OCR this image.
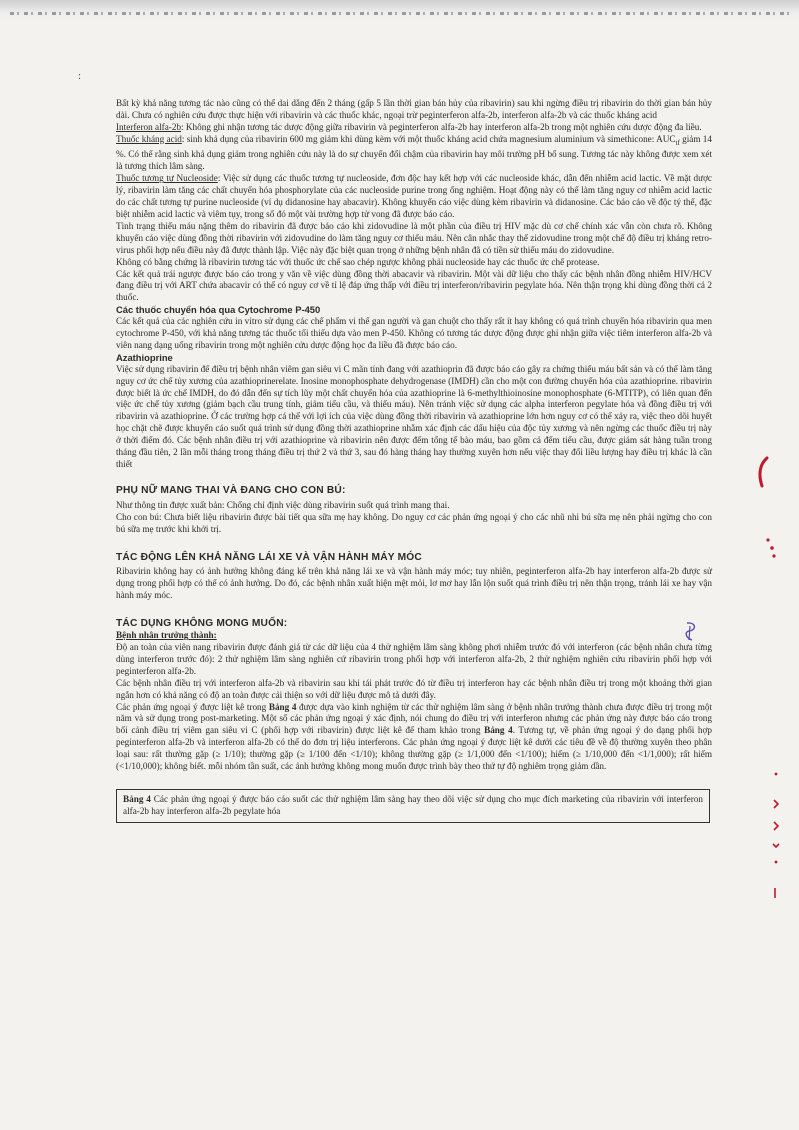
:

Bất kỳ khả năng tương tác nào cũng có thể dai dẳng đến 2 tháng (gấp 5 lần thời gian bán hủy của ribavirin) sau khi ngừng điều trị ribavirin do thời gian bán hủy dài. Chưa có nghiên cứu được thực hiện với ribavirin và các thuốc khác, ngoại trừ peginterferon alfa-2b, interferon alfa-2b và các thuốc kháng acid

Interferon alfa-2b: Không ghi nhận tương tác dược động giữa ribavirin và peginterferon alfa-2b hay interferon alfa-2b trong một nghiên cứu dược động đa liều.

Thuốc kháng acid: sinh khả dụng của ribavirin 600 mg giảm khi dùng kèm với một thuốc kháng acid chứa magnesium aluminium và simethicone: $AUC_{tf}$ giảm 14 %. Có thể rằng sinh khả dụng giảm trong nghiên cứu này là do sự chuyển đổi chậm của ribavirin hay môi trường pH bổ sung. Tương tác này không được xem xét là tương thích lâm sàng.

Thuốc tương tự Nucleoside: Việc sử dụng các thuốc tương tự nucleoside, đơn độc hay kết hợp với các nucleoside khác, dẫn đến nhiễm acid lactic. Về mặt dược lý, ribavirin làm tăng các chất chuyển hóa phosphorylate của các nucleoside purine trong ống nghiệm. Hoạt động này có thể làm tăng nguy cơ nhiễm acid lactic do các chất tương tự purine nucleoside (ví dụ didanosine hay abacavir). Không khuyến cáo việc dùng kèm ribavirin và didanosine. Các báo cáo về độc tý thể, đặc biệt nhiễm acid lactic và viêm tụy, trong số đó một vài trường hợp tử vong đã được báo cáo.

Tình trạng thiếu máu nặng thêm do ribavirin đã được báo cáo khi zidovudine là một phần của điều trị HIV mặc dù cơ chế chính xác vẫn còn chưa rõ. Không khuyến cáo việc dùng đồng thời ribavirin với zidovudine do làm tăng nguy cơ thiếu máu. Nên cân nhắc thay thế zidovudine trong một chế độ điều trị kháng retro-virus phối hợp nếu điều này đã được thành lập. Việc này đặc biệt quan trọng ở những bệnh nhân đã có tiền sử thiếu máu do zidovudine.

Không có bằng chứng là ribavirin tương tác với thuốc ức chế sao chép ngược không phải nucleoside hay các thuốc ức chế protease.

Các kết quả trái ngược được báo cáo trong y văn về việc dùng đồng thời abacavir và ribavirin. Một vài dữ liệu cho thấy các bệnh nhân đồng nhiễm HIV/HCV đang điều trị với ART chứa abacavir có thể có nguy cơ về tỉ lệ đáp ứng thấp với điều trị interferon/ribavirin pegylate hóa. Nên thận trọng khi dùng đồng thời cả 2 thuốc.

Các thuốc chuyển hóa qua Cytochrome P-450

Các kết quả của các nghiên cứu in vitro sử dụng các chế phẩm vi thể gan người và gan chuột cho thấy rất ít hay không có quá trình chuyển hóa ribavirin qua men cytochrome P-450, với khả năng tương tác thuốc tối thiểu dựa vào men P-450. Không có tương tác dược động được ghi nhận giữa việc tiêm interferon alfa-2b và viên nang dạng uống ribavirin trong một nghiên cứu dược động học đa liều đã được báo cáo.

Azathioprine

Việc sử dụng ribavirin để điều trị bệnh nhân viêm gan siêu vi C mãn tính đang với azathioprin đã được báo cáo gây ra chứng thiếu máu bất sản và có thể làm tăng nguy cơ ức chế tủy xương của azathioprinerelate. Inosine monophosphate dehydrogenase (IMDH) cần cho một con đường chuyển hóa của azathioprine. ribavirin được biết là ức chế IMDH, do đó dẫn đến sự tích lũy một chất chuyển hóa của azathioprine là 6-methylthioinosine monophosphate (6-MTITP), có liên quan đến việc ức chế tủy xương (giảm bạch cầu trung tính, giảm tiểu cầu, và thiếu máu). Nên tránh việc sử dụng các alpha interferon pegylate hóa và đồng điều trị với ribavirin và azathioprine. Ở các trường hợp cá thể với lợi ích của việc dùng đồng thời ribavirin và azathioprine lớn hơn nguy cơ có thể xảy ra, việc theo dõi huyết học chặt chẽ được khuyến cáo suốt quá trình sử dụng đồng thời azathioprine nhằm xác định các dấu hiệu của độc tủy xương và nên ngừng các thuốc điều trị này ở thời điểm đó. Các bệnh nhân điều trị với azathioprine và ribavirin nên được đếm tổng tế bào máu, bao gồm cả đếm tiểu cầu, được giám sát hàng tuần trong tháng đầu tiên, 2 lần mỗi tháng trong tháng điều trị thứ 2 và thứ 3, sau đó hàng tháng hay thường xuyên hơn nếu việc thay đổi liều lượng hay điều trị khác là cần thiết

PHỤ NỮ MANG THAI VÀ ĐANG CHO CON BÚ:

Như thông tin được xuất bản: Chống chỉ định việc dùng ribavirin suốt quá trình mang thai.

Cho con bú: Chưa biết liệu ribavirin được bài tiết qua sữa mẹ hay không. Do nguy cơ các phản ứng ngoại ý cho các nhũ nhi bú sữa mẹ nên phải ngừng cho con bú sữa mẹ trước khi khởi trị.

TÁC ĐỘNG LÊN KHẢ NĂNG LÁI XE VÀ VẬN HÀNH MÁY MÓC

Ribavirin không hay có ảnh hưởng không đáng kể trên khả năng lái xe và vận hành máy móc; tuy nhiên, peginterferon alfa-2b hay interferon alfa-2b được sử dụng trong phối hợp có thể có ảnh hưởng. Do đó, các bệnh nhân xuất hiện mệt mỏi, lơ mơ hay lẫn lộn suốt quá trình điều trị nên thận trọng, tránh lái xe hay vận hành máy móc.

TÁC DỤNG KHÔNG MONG MUỐN:

Bệnh nhân trưởng thành:

Độ an toàn của viên nang ribavirin được đánh giá từ các dữ liệu của 4 thử nghiệm lâm sàng không phơi nhiễm trước đó với interferon (các bệnh nhân chưa từng dùng interferon trước đó): 2 thử nghiệm lâm sàng nghiên cứ ribavirin trong phối hợp với interferon alfa-2b, 2 thử nghiệm nghiên cứu ribavirin phối hợp với peginterferon alfa-2b.

Các bệnh nhân điều trị với interferon alfa-2b và ribavirin sau khi tái phát trước đó từ điều trị interferon hay các bệnh nhân điều trị trong một khoảng thời gian ngắn hơn có khả năng có độ an toàn được cải thiện so với dữ liệu được mô tả dưới đây.

Các phản ứng ngoại ý được liệt kê trong Bảng 4 được dựa vào kinh nghiệm từ các thử nghiệm lâm sàng ở bệnh nhân trưởng thành chưa được điều trị trong một năm và sử dụng trong post-marketing. Một số các phản ứng ngoại ý xác định, nói chung do điều trị với interferon nhưng các phản ứng này được báo cáo trong bối cảnh điều trị viêm gan siêu vi C (phối hợp với ribavirin) được liệt kê để tham khảo trong Bảng 4. Tương tự, về phản ứng ngoại ý do dạng phối hợp peginterferon alfa-2b và interferon alfa-2b có thể do đơn trị liệu interferons. Các phản ứng ngoại ý được liệt kê dưới các tiêu đề về độ thường xuyên theo phân loại sau: rất thường gặp (≥ 1/10); thường gặp (≥ 1/100 đến <1/10); không thường gặp (≥ 1/1,000 đến <1/100); hiếm (≥ 1/10,000 đến <1/1,000); rất hiếm (<1/10,000); không biết. mỗi nhóm tần suất, các ảnh hưởng không mong muốn được trình bày theo thứ tự độ nghiêm trọng giảm dần.

Bảng 4 Các phản ứng ngoại ý được báo cáo suốt các thử nghiệm lâm sàng hay theo dõi việc sử dụng cho mục đích marketing của ribavirin với interferon alfa-2b hay interferon alfa-2b pegylate hóa
